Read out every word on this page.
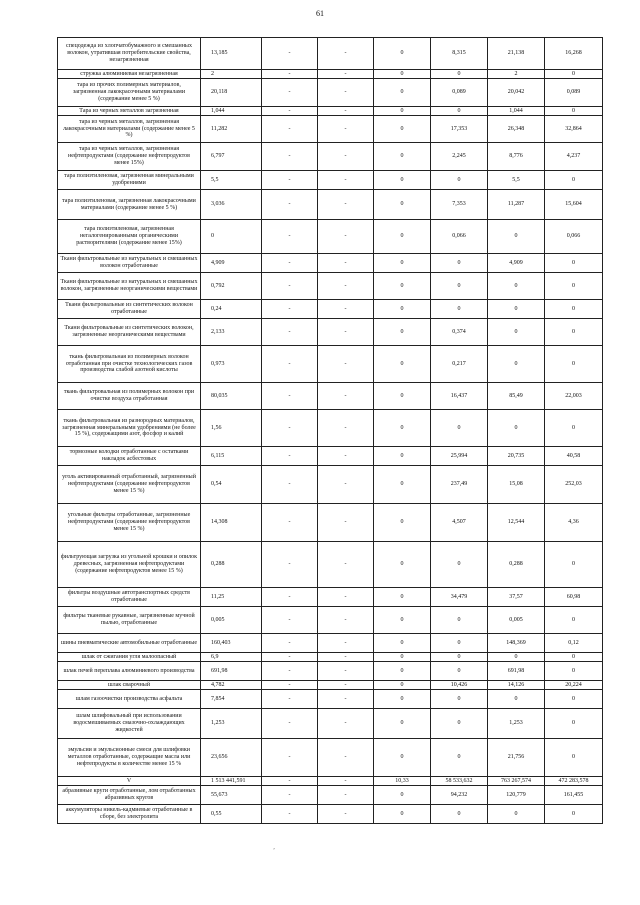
61
спецодежда из хлопчатобумажного и смешанных волокон, утратившая потребительские свойства, незагрязненная	13,185	-	-	0	8,315	21,138	16,268
стружка алюминиевая незагрязненная	2	-	-	0	0	2	0
тара из прочих полимерных материалов, загрязненная лакокрасочными материалами (содержание менее 5 %)	20,118	-	-	0	0,089	20,042	0,089
Тара из черных металлов загрязненная	1,044	-	-	0	0	1,044	0
тара из черных металлов, загрязненная лакокрасочными материалами (содержание менее 5 %)	11,282	-	-	0	17,353	26,348	32,864
тара из черных металлов, загрязненная нефтепродуктами (содержание нефтепродуктов менее 15%)	6,797	-	-	0	2,245	8,776	4,237
тара полиэтиленовая, загрязненная минеральными удобрениями	5,5	-	-	0	0	5,5	0
тара полиэтиленовая, загрязненная лакокрасочными материалами (содержание менее 5 %)	3,036	-	-	0	7,353	11,287	15,604
тара полиэтиленовая, загрязненная негалогенированными органическими растворителями (содержание менее 15%)	0	-	-	0	0,066	0	0,066
Ткани фильтровальные из натуральных и смешанных волокон отработанные	4,909	-	-	0	0	4,909	0
Ткани фильтровальные из натуральных и смешанных волокон, загрязненные неорганическими веществами	0,792	-	-	0	0	0	0
Ткани фильтровальные из синтетических волокон отработанные	0,24	-	-	0	0	0	0
Ткани фильтровальные из синтетических волокон, загрязненные неорганическими веществами	2,133	-	-	0	0,374	0	0
ткань фильтровальная из полимерных волокон отработанная при очистке технологических газов производства слабой азотной кислоты	0,973	-	-	0	0,217	0	0
ткань фильтровальная из полимерных волокон при очистке воздуха отработанная	80,035	-	-	0	16,437	85,49	22,003
ткань фильтровальная из разнородных материалов, загрязненная минеральными удобрениями (не более 15 %), содержащими азот, фосфор и калий	1,56	-	-	0	0	0	0
тормозные колодки отработанные с остатками накладок асбестовых	6,115	-	-	0	25,994	20,735	40,58
уголь активированный отработанный, загрязненный нефтепродуктами (содержание нефтепродуктов менее 15 %)	0,54	-	-	0	237,49	15,08	252,03
угольные фильтры отработанные, загрязненные нефтепродуктами (содержание нефтепродуктов менее 15 %)	14,308	-	-	0	4,507	12,544	4,36
фильтрующая загрузка из угольной крошки и опилок древесных, загрязненная нефтепродуктами (содержание нефтепродуктов менее 15 %)	0,288	-	-	0	0	0,288	0
фильтры воздушные автотранспортных средств отработанные	11,25	-	-	0	34,479	37,57	60,98
фильтры тканевые рукавные, загрязненные мучной пылью, отработанные	0,005	-	-	0	0	0,005	0
шины пневматические автомобильные отработанные	160,403	-	-	0	0	148,369	0,12
шлак от сжигания угля малоопасный	6,9	-	-	0	0	0	0
шлак печей переплава алюминиевого производства	691,98	-	-	0	0	691,98	0
шлак сварочный	4,782	-	-	0	10,426	14,126	20,224
шлам газоочистки производства асфальта	7,854	-	-	0	0	0	0
шлам шлифовальный при использовании водосмешиваемых смазочно-охлаждающих жидкостей	1,253	-	-	0	0	1,253	0
эмульсии и эмульсионные смеси для шлифовки металлов отработанные, содержащие масла или нефтепродукты в количестве менее 15 %	23,656	-	-	0	0	21,756	0
V	1 513 441,591	-	-	10,33	58 533,632	763 267,574	472 283,578
абразивные круги отработанные, лом отработанных абразивных кругов	55,673	-	-	0	94,232	120,779	161,455
аккумуляторы никель-кадмиевые отработанные в сборе, без электролита	0,55	-	-	0	0	0	0
’
